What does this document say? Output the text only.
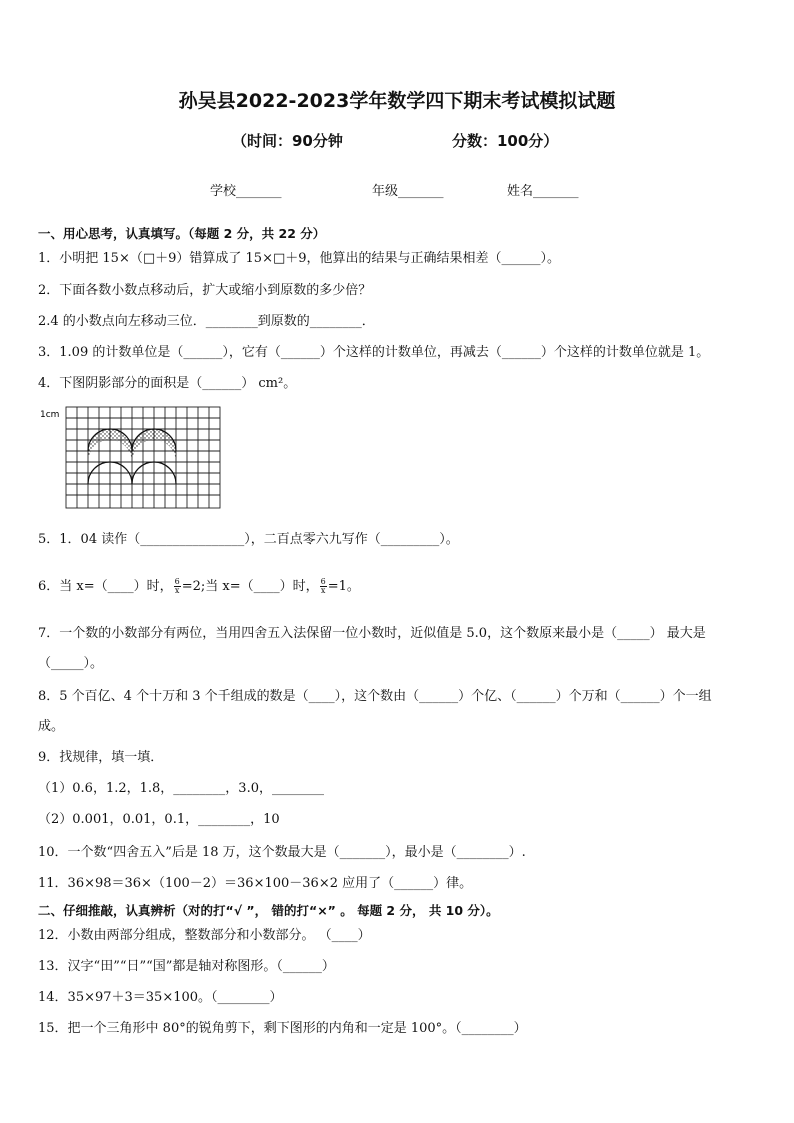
孙吴县2022-2023学年数学四下期末考试模拟试题
（时间：90分钟	分数：100分）
学校_______	年级_______	姓名_______
一、用心思考，认真填写。（每题 2 分，共 22 分）
1．小明把 15×（□＋9）错算成了 15×□＋9，他算出的结果与正确结果相差（______）。
2．下面各数小数点移动后，扩大或缩小到原数的多少倍？
2.4 的小数点向左移动三位．________到原数的________．
3．1.09 的计数单位是（______），它有（______）个这样的计数单位，再减去（______）个这样的计数单位就是 1。
4．下图阴影部分的面积是（______） cm²。
1cm
5．1．04 读作（________________），二百点零六九写作（_________）。
6．当 x=（____）时， $\frac{6}{x} =2$;当 x=（____）时， $\frac{6}{x} =1$。
7．一个数的小数部分有两位，当用四舍五入法保留一位小数时，近似值是 5.0，这个数原来最小是（_____） 最大是
（_____）。
8．5 个百亿、4 个十万和 3 个千组成的数是（____），这个数由（______）个亿、（______）个万和（______）个一组
成。
9．找规律，填一填．
（1）0.6，1.2，1.8，________，3.0，________
（2）0.001，0.01，0.1，________，10
10．一个数“四舍五入”后是 18 万，这个数最大是（_______），最小是（________）.
11．36×98＝36×（100－2）＝36×100－36×2 应用了（______）律。
二、仔细推敲，认真辨析（对的打“√ ”， 错的打“×” 。 每题 2 分， 共 10 分）。
12．小数由两部分组成，整数部分和小数部分。 （____）
13．汉字“田”“日”“国”都是轴对称图形。（______）
14．35×97＋3＝35×100。（________）
15．把一个三角形中 80°的锐角剪下，剩下图形的内角和一定是 100°。（________）
